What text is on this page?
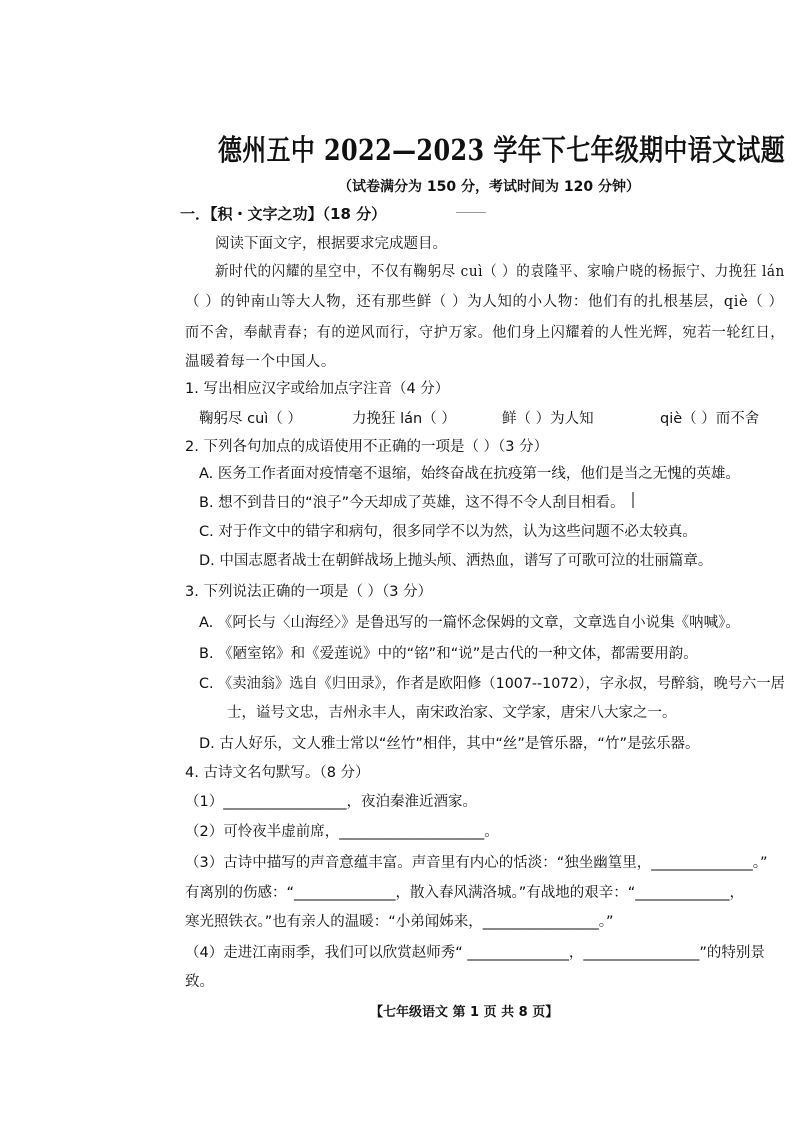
德州五中 2022—2023 学年下七年级期中语文试题
（试卷满分为 150 分，考试时间为 120 分钟）
一．【积・文字之功】（18 分）
阅读下面文字，根据要求完成题目。
新时代的闪耀的星空中，不仅有鞠躬尽 cuì（ ）的袁隆平、家喻户晓的杨振宁、力挽狂 lán
（ ）的钟南山等大人物，还有那些鲜（ ）为人知的小人物：他们有的扎根基层，qiè（ ）
而不舍，奉献青春；有的逆风而行，守护万家。他们身上闪耀着的人性光辉，宛若一轮红日，
温暖着每一个中国人。
1. 写出相应汉字或给加点字注音（4 分）
鞠躬尽 cuì（ ）	力挽狂 lán（ ）	鲜（ ）为人知	qiè（ ）而不舍
2. 下列各句加点的成语使用不正确的一项是（ ）（3 分）
A. 医务工作者面对疫情毫不退缩，始终奋战在抗疫第一线，他们是当之无愧的英雄。
B. 想不到昔日的“浪子”今天却成了英雄，这不得不令人刮目相看。
C. 对于作文中的错字和病句，很多同学不以为然，认为这些问题不必太较真。
D. 中国志愿者战士在朝鲜战场上抛头颅、洒热血，谱写了可歌可泣的壮丽篇章。
3. 下列说法正确的一项是（ ）（3 分）
A. 《阿长与〈山海经〉》是鲁迅写的一篇怀念保姆的文章，文章选自小说集《呐喊》。
B. 《陋室铭》和《爱莲说》中的“铭”和“说”是古代的一种文体，都需要用韵。
C. 《卖油翁》选自《归田录》，作者是欧阳修（1007--1072），字永叔，号醉翁，晚号六一居
士，谥号文忠，吉州永丰人，南宋政治家、文学家，唐宋八大家之一。
D. 古人好乐，文人雅士常以“丝竹”相伴，其中“丝”是管乐器，“竹”是弦乐器。
4. 古诗文名句默写。（8 分）
（1）_________________，夜泊秦淮近酒家。
（2）可怜夜半虚前席，____________________。
（3）古诗中描写的声音意蕴丰富。声音里有内心的恬淡：“独坐幽篁里，______________。”
有离别的伤感：“______________，散入春风满洛城。”有战地的艰辛：“_____________，
寒光照铁衣。”也有亲人的温暖：“小弟闻姊来，________________。”
（4）走进江南雨季，我们可以欣赏赵师秀“ ______________，________________”的特别景
致。
【七年级语文 第 1 页 共 8 页】
